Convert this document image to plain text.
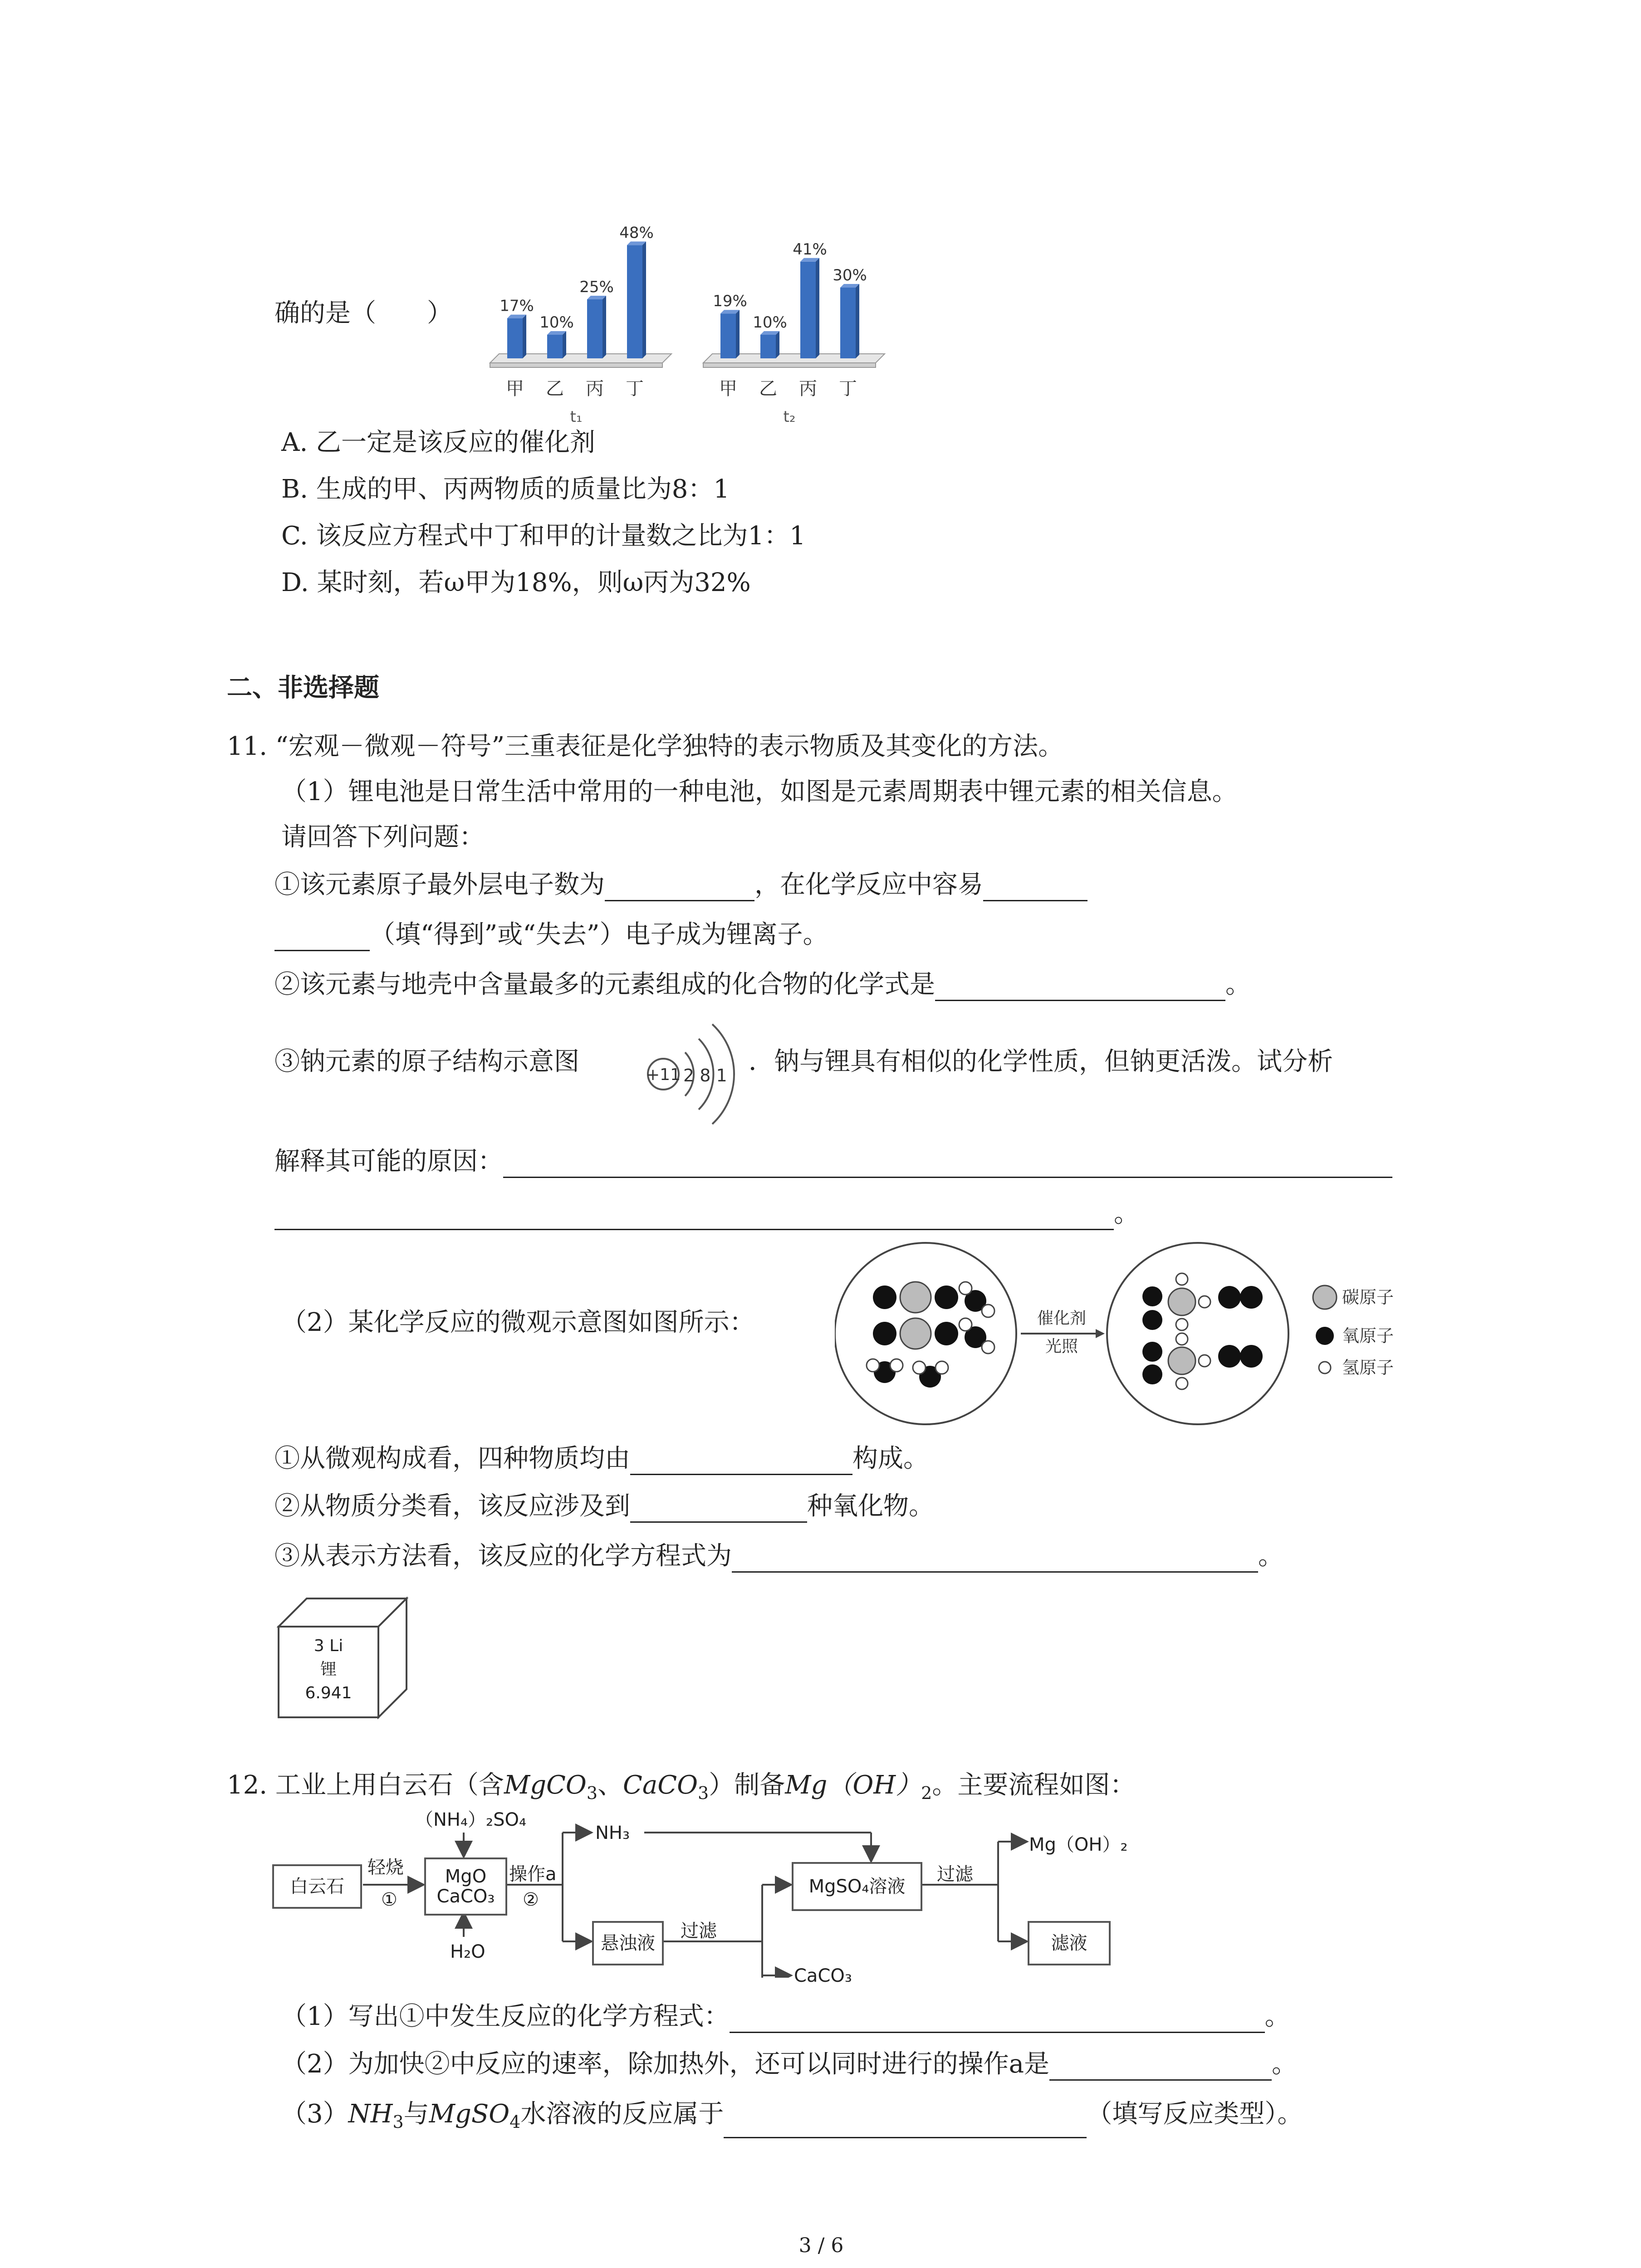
确的是（　　）	17%
甲
10%
乙
25%
丙
48%
丁
t₁
19%
甲
10%
乙
41%
丙
30%
丁
t₂
A. 乙一定是该反应的催化剂
B. 生成的甲、丙两物质的质量比为8：1
C. 该反应方程式中丁和甲的计量数之比为1：1
D. 某时刻，若ω甲为18%，则ω丙为32%
二、非选择题
11. “宏观－微观－符号”三重表征是化学独特的表示物质及其变化的方法。
（1）锂电池是日常生活中常用的一种电池，如图是元素周期表中锂元素的相关信息。
请回答下列问题：
①该元素原子最外层电子数为	，在化学反应中容易
（填“得到”或“失去”）电子成为锂离子。
②该元素与地壳中含量最多的元素组成的化合物的化学式是	。
③钠元素的原子结构示意图	+11 2 8 1 ．钠与锂具有相似的化学性质，但钠更活泼。试分析
解释其可能的原因：
。
（2）某化学反应的微观示意图如图所示：	催化剂
光照
碳原子
氧原子
氢原子
①从微观构成看，四种物质均由	构成。
②从物质分类看，该反应涉及到	种氧化物。
③从表示方法看，该反应的化学方程式为	。
3 Li
锂
6.941
12. 工业上用白云石（含MgCO$_3$、CaCO$_3$）制备$Mg(OH)_2$。主要流程如图：
白云石
轻烧
①
（NH₄）₂SO₄
MgO
CaCO₃
H₂O
操作a
②
NH₃
悬浊液
过滤
MgSO₄溶液
CaCO₃
过滤
Mg（OH）₂
滤液
（1）写出①中发生反应的化学方程式：	。
（2）为加快②中反应的速率，除加热外，还可以同时进行的操作a是	。
$(3)NH_3$与MgSO$_4$水溶液的反应属于	（填写反应类型）。
3 / 6
